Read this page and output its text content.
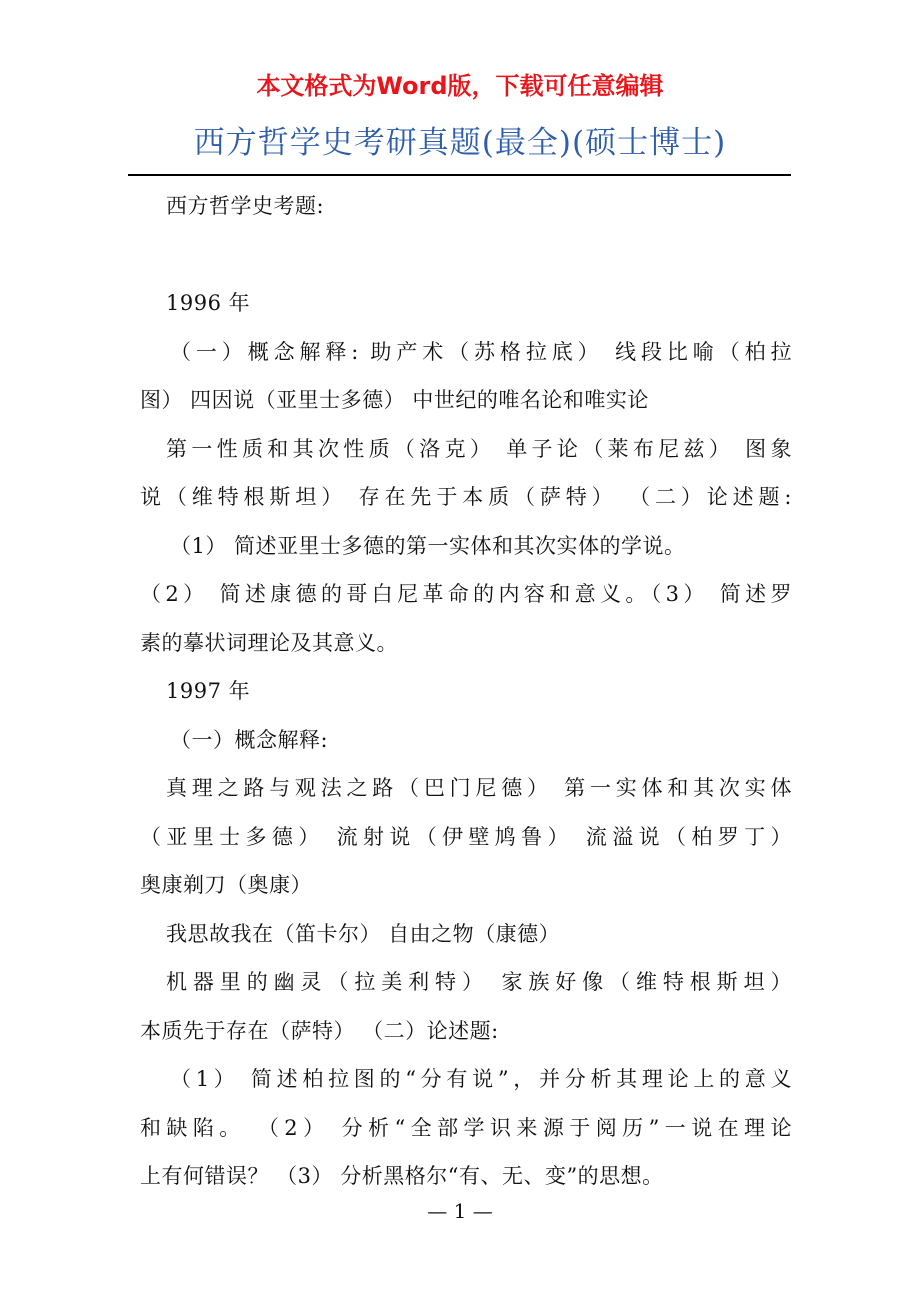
本文格式为Word版，下载可任意编辑
西方哲学史考研真题(最全)(硕士博士)
西方哲学史考题:
1996 年
（一）概念解释: 助产术（苏格拉底） 线段比喻（柏拉
图） 四因说（亚里士多德） 中世纪的唯名论和唯实论
第一性质和其次性质（洛克） 单子论（莱布尼兹） 图象
说（维特根斯坦） 存在先于本质（萨特） （二）论述题:
（1） 简述亚里士多德的第一实体和其次实体的学说。
（2） 简述康德的哥白尼革命的内容和意义。（3） 简述罗
素的摹状词理论及其意义。
1997 年
（一）概念解释:
真理之路与观法之路（巴门尼德） 第一实体和其次实体
（亚里士多德） 流射说（伊壁鸠鲁） 流溢说（柏罗丁）
奥康剃刀（奥康）
我思故我在（笛卡尔） 自由之物（康德）
机器里的幽灵（拉美利特） 家族好像（维特根斯坦）
本质先于存在（萨特） （二）论述题:
（1） 简述柏拉图的“分有说”，并分析其理论上的意义
和缺陷。 （2） 分析“全部学识来源于阅历”一说在理论
上有何错误？ （3） 分析黑格尔“有、无、变”的思想。
— 1 —
